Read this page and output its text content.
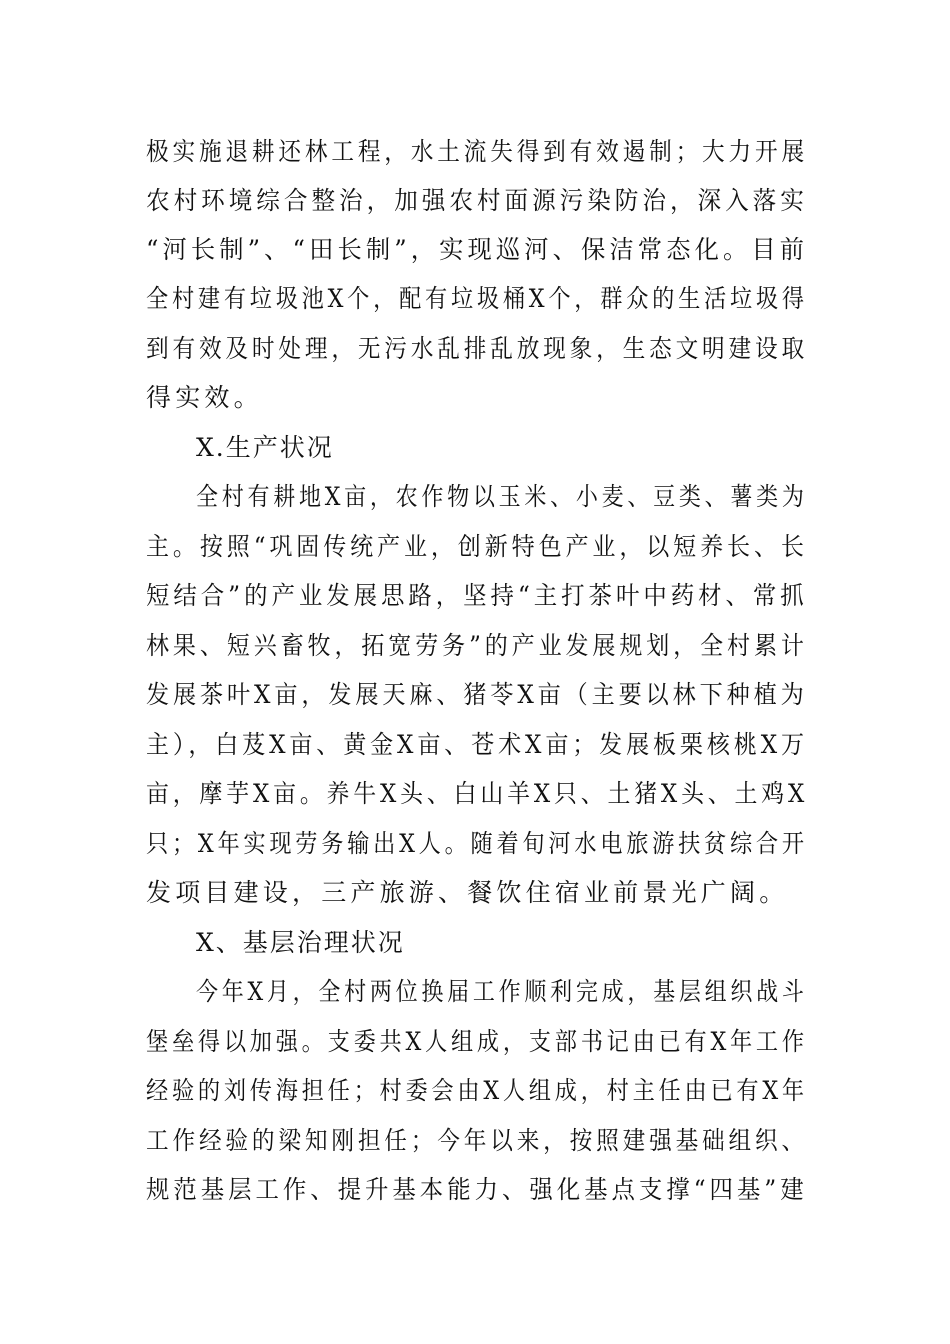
极实施退耕还林工程，水土流失得到有效遏制；大力开展
农村环境综合整治，加强农村面源污染防治，深入落实
“河长制”、“田长制”，实现巡河、保洁常态化。目前
全村建有垃圾池X个，配有垃圾桶X个，群众的生活垃圾得
到有效及时处理，无污水乱排乱放现象，生态文明建设取
得实效。
X.生产状况
全村有耕地X亩，农作物以玉米、小麦、豆类、薯类为
主。按照“巩固传统产业，创新特色产业，以短养长、长
短结合”的产业发展思路，坚持“主打茶叶中药材、常抓
林果、短兴畜牧，拓宽劳务”的产业发展规划，全村累计
发展茶叶X亩，发展天麻、猪苓X亩（主要以林下种植为
主），白芨X亩、黄金X亩、苍术X亩；发展板栗核桃X万
亩，摩芋X亩。养牛X头、白山羊X只、土猪X头、土鸡X
只；X年实现劳务输出X人。随着旬河水电旅游扶贫综合开
发项目建设，三产旅游、餐饮住宿业前景光广阔。
X、基层治理状况
今年X月，全村两位换届工作顺利完成，基层组织战斗
堡垒得以加强。支委共X人组成，支部书记由已有X年工作
经验的刘传海担任；村委会由X人组成，村主任由已有X年
工作经验的梁知刚担任；今年以来，按照建强基础组织、
规范基层工作、提升基本能力、强化基点支撑“四基”建
